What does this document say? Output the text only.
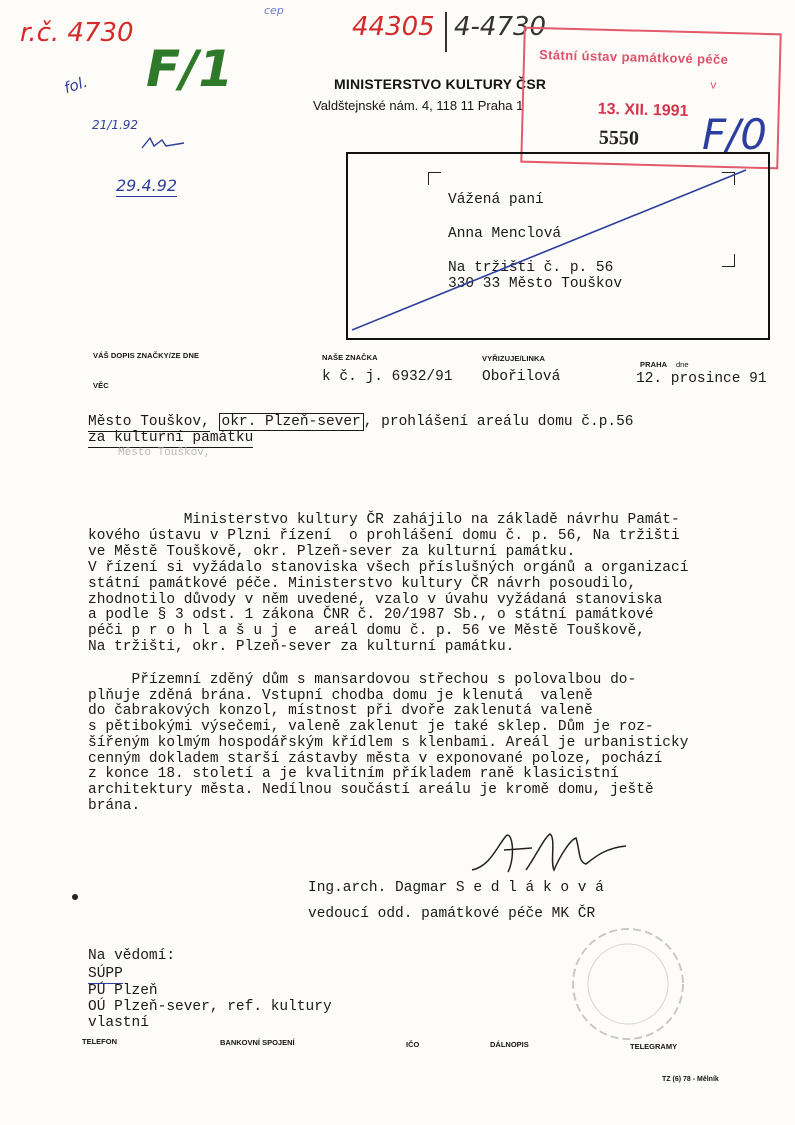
r.č. 4730
fol. F/1
cep
44305 4-4730
21/1.92
29.4.92
F/0
MINISTERSTVO KULTURY ČSR
Valdštejnské nám. 4, 118 11 Praha 1
Státní ústav památkové péče
v
13. XII. 1991
5550
Vážená paní
Anna Menclová
Na tržišti č. p. 56
330 33 Město Touškov
VÁŠ DOPIS ZNAČKY/ZE DNE	NAŠE ZNAČKA	VYŘIZUJE/LINKA
PRAHA dne
VĚC
k č. j. 6932/91 Obořilová	12. prosince 91
Město Touškov, okr. Plzeň-sever , prohlášení areálu domu č.p.56
za kulturní památku
Město Touškov,
Ministerstvo kultury ČR zahájilo na základě návrhu Památ-
kového ústavu v Plzni řízení  o prohlášení domu č. p. 56, Na tržišti
ve Městě Touškově, okr. Plzeň-sever za kulturní památku.
V řízení si vyžádalo stanoviska všech příslušných orgánů a organizací
státní památkové péče. Ministerstvo kultury ČR návrh posoudilo,
zhodnotilo důvody v něm uvedené, vzalo v úvahu vyžádaná stanoviska
a podle § 3 odst. 1 zákona ČNR č. 20/1987 Sb., o státní památkové
péči p r o h l a š u j e  areál domu č. p. 56 ve Městě Touškově,
Na tržišti, okr. Plzeň-sever za kulturní památku.
Přízemní zděný dům s mansardovou střechou s polovalbou do-
plňuje zděná brána. Vstupní chodba domu je klenutá  valeně
do čabrakových konzol, místnost při dvoře zaklenutá valeně
s pětibokými výsečemi, valeně zaklenut je také sklep. Dům je roz-
šířeným kolmým hospodářským křídlem s klenbami. Areál je urbanisticky
cenným dokladem starší zástavby města v exponované poloze, pochází
z konce 18. století a je kvalitním příkladem raně klasicistní
architektury města. Nedílnou součástí areálu je kromě domu, ještě
brána.
Ing.arch. Dagmar S e d l á k o v á
vedoucí odd. památkové péče MK ČR
Na vědomí:
SÚPP
PÚ Plzeň
OÚ Plzeň-sever, ref. kultury
vlastní
TELEFON	BANKOVNÍ SPOJENÍ	IČO	DÁLNOPIS	TELEGRAMY
TZ (6) 78 - Mělník
